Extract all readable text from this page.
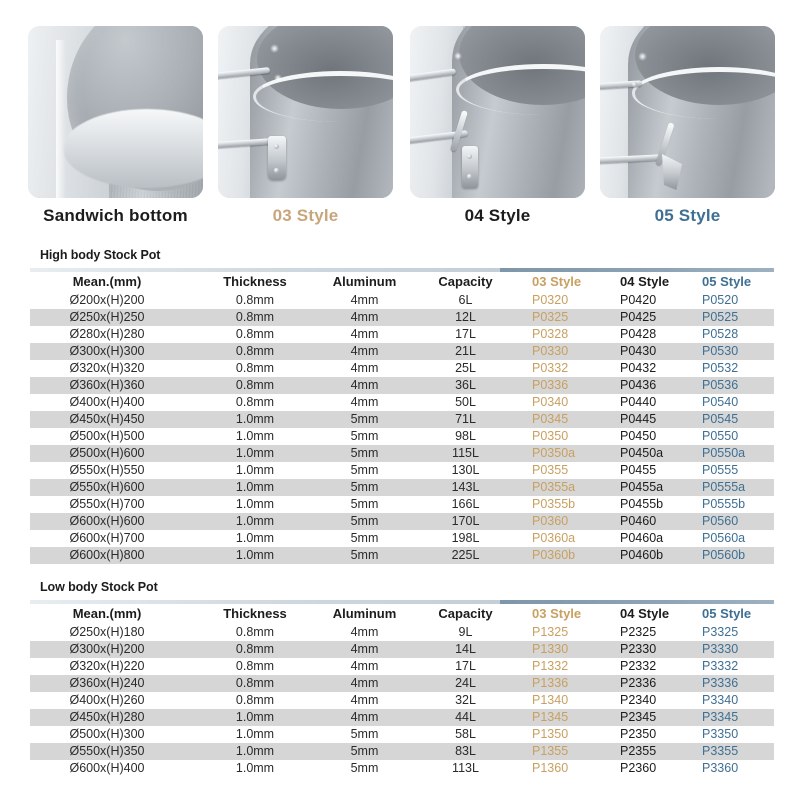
Sandwich bottom	03 Style	04 Style	05 Style
High body Stock Pot
Mean.(mm)	Thickness	Aluminum	Capacity	03 Style	04 Style	05 Style
Ø200x(H)200	0.8mm	4mm	6L	P0320	P0420	P0520
Ø250x(H)250	0.8mm	4mm	12L	P0325	P0425	P0525
Ø280x(H)280	0.8mm	4mm	17L	P0328	P0428	P0528
Ø300x(H)300	0.8mm	4mm	21L	P0330	P0430	P0530
Ø320x(H)320	0.8mm	4mm	25L	P0332	P0432	P0532
Ø360x(H)360	0.8mm	4mm	36L	P0336	P0436	P0536
Ø400x(H)400	0.8mm	4mm	50L	P0340	P0440	P0540
Ø450x(H)450	1.0mm	5mm	71L	P0345	P0445	P0545
Ø500x(H)500	1.0mm	5mm	98L	P0350	P0450	P0550
Ø500x(H)600	1.0mm	5mm	115L	P0350a	P0450a	P0550a
Ø550x(H)550	1.0mm	5mm	130L	P0355	P0455	P0555
Ø550x(H)600	1.0mm	5mm	143L	P0355a	P0455a	P0555a
Ø550x(H)700	1.0mm	5mm	166L	P0355b	P0455b	P0555b
Ø600x(H)600	1.0mm	5mm	170L	P0360	P0460	P0560
Ø600x(H)700	1.0mm	5mm	198L	P0360a	P0460a	P0560a
Ø600x(H)800	1.0mm	5mm	225L	P0360b	P0460b	P0560b
Low body Stock Pot
Mean.(mm)	Thickness	Aluminum	Capacity	03 Style	04 Style	05 Style
Ø250x(H)180	0.8mm	4mm	9L	P1325	P2325	P3325
Ø300x(H)200	0.8mm	4mm	14L	P1330	P2330	P3330
Ø320x(H)220	0.8mm	4mm	17L	P1332	P2332	P3332
Ø360x(H)240	0.8mm	4mm	24L	P1336	P2336	P3336
Ø400x(H)260	0.8mm	4mm	32L	P1340	P2340	P3340
Ø450x(H)280	1.0mm	4mm	44L	P1345	P2345	P3345
Ø500x(H)300	1.0mm	5mm	58L	P1350	P2350	P3350
Ø550x(H)350	1.0mm	5mm	83L	P1355	P2355	P3355
Ø600x(H)400	1.0mm	5mm	113L	P1360	P2360	P3360
